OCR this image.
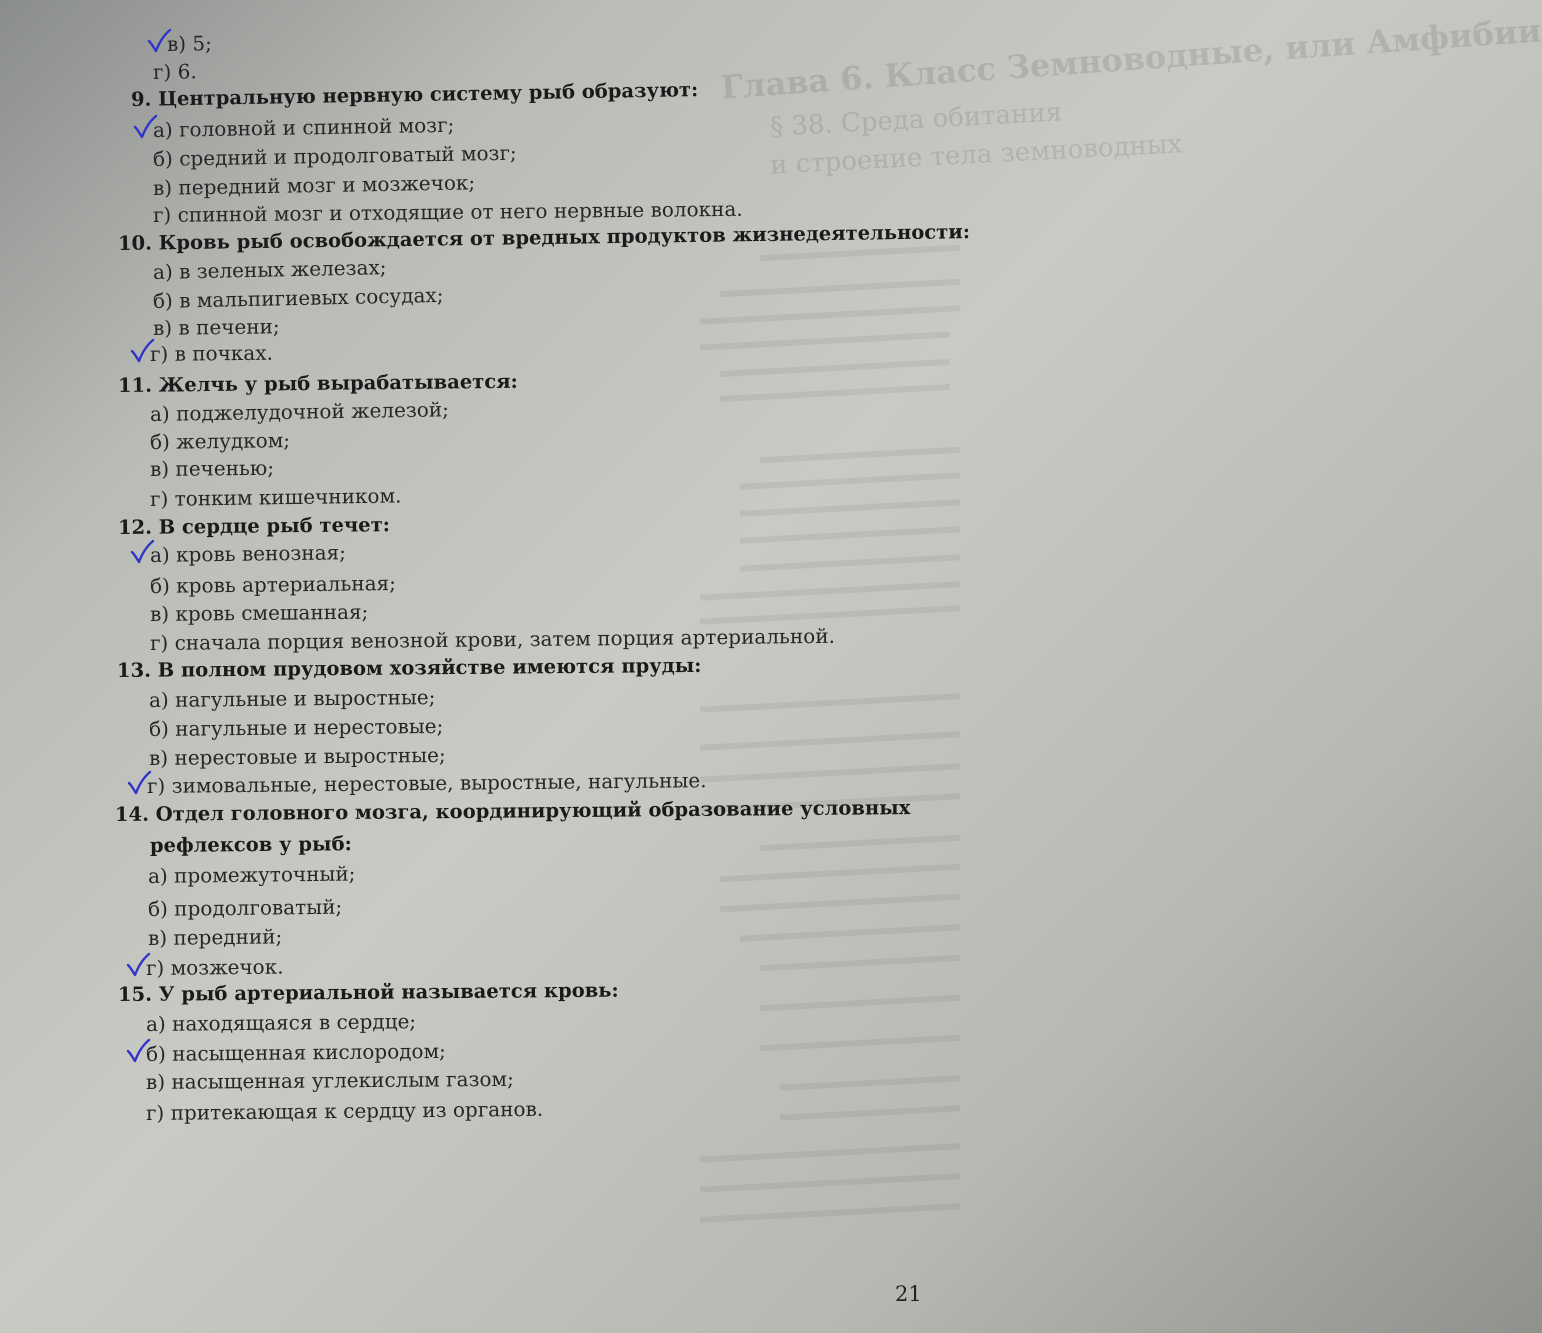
Глава 6. Класс Земноводные, или Амфибии
§ 38. Среда обитания
и строение тела земноводных
в) 5;
г) 6.
9. Центральную нервную систему рыб образуют:
а) головной и спинной мозг;
б) средний и продолговатый мозг;
в) передний мозг и мозжечок;
г) спинной мозг и отходящие от него нервные волокна.
10. Кровь рыб освобождается от вредных продуктов жизнедеятельности:
а) в зеленых железах;
б) в мальпигиевых сосудах;
в) в печени;
г) в почках.
11. Желчь у рыб вырабатывается:
а) поджелудочной железой;
б) желудком;
в) печенью;
г) тонким кишечником.
12. В сердце рыб течет:
а) кровь венозная;
б) кровь артериальная;
в) кровь смешанная;
г) сначала порция венозной крови, затем порция артериальной.
13. В полном прудовом хозяйстве имеются пруды:
а) нагульные и выростные;
б) нагульные и нерестовые;
в) нерестовые и выростные;
г) зимовальные, нерестовые, выростные, нагульные.
14. Отдел головного мозга, координирующий образование условных
рефлексов у рыб:
а) промежуточный;
б) продолговатый;
в) передний;
г) мозжечок.
15. У рыб артериальной называется кровь:
а) находящаяся в сердце;
б) насыщенная кислородом;
в) насыщенная углекислым газом;
г) притекающая к сердцу из органов.
21
